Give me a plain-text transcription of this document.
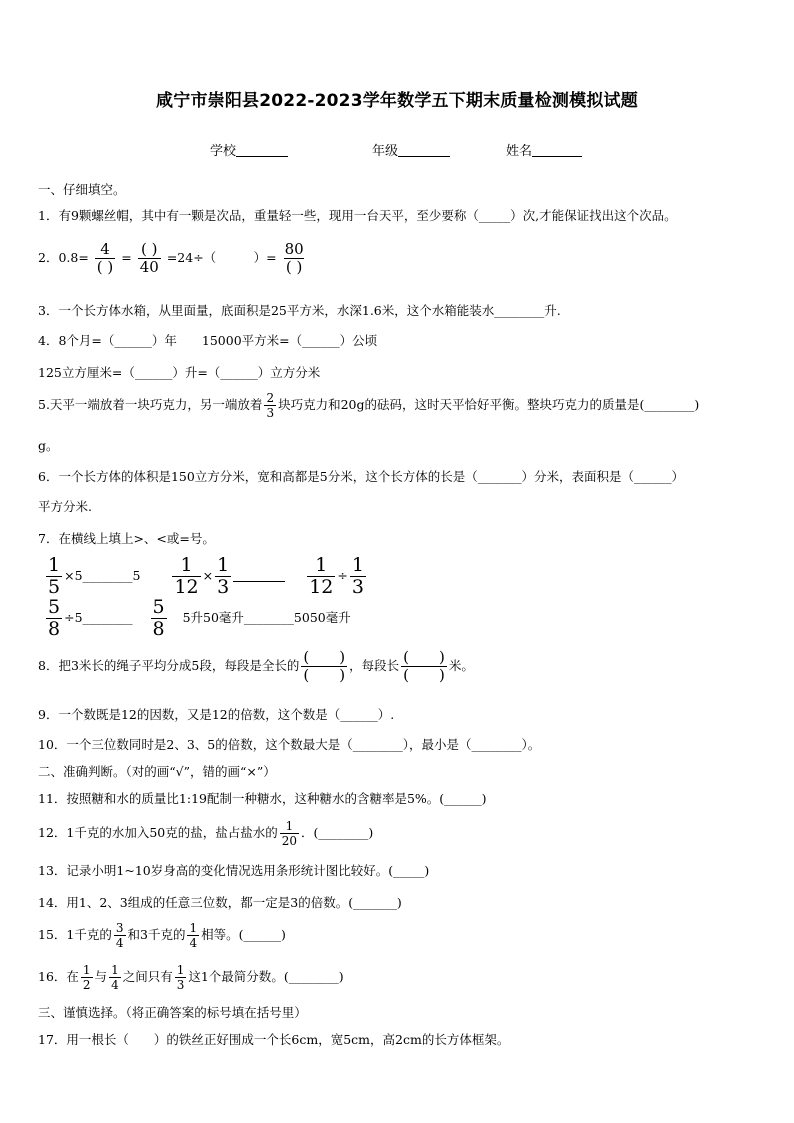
咸宁市崇阳县2022-2023学年数学五下期末质量检测模拟试题
学校	年级	姓名
一、仔细填空。
1．有9颗螺丝帽，其中有一颗是次品，重量轻一些，现用一台天平，至少要称（_____）次,才能保证找出这个次品。
2．$0.8= \frac{4}{( )} = \frac{( )}{40} =24\div$（　　　）= $\frac{80}{( )}$
3．一个长方体水箱，从里面量，底面积是25平方米，水深1.6米，这个水箱能装水________升.
4．8个月=（______）年　　15000平方米=（______）公顷
125立方厘米=（______）升=（______）立方分米
5.天平一端放着一块巧克力，另一端放着 $\frac{2}{3}$ 块巧克力和20g的砝码，这时天平恰好平衡。整块巧克力的质量是(________)
g。
6．一个长方体的体积是150立方分米，宽和高都是5分米，这个长方体的长是（_______）分米，表面积是（______）
平方分米.
7．在横线上填上>、<或=号。
$\frac{1}{5}$ ×5________5 $\frac{1}{12} \times \frac{1}{3}$
	$\frac{1}{12} \div \frac{1}{3}$
$\frac{5}{8}$ ÷5________ $\frac{5}{8} 5$升50毫升________5050毫升
8．把3米长的绳子平均分成5段，每段是全长的 $\frac{( )}{( )}$ ，每段长 $\frac{( )}{( )}$ 米。
9．一个数既是12的因数，又是12的倍数，这个数是（______）.
10．一个三位数同时是2、3、5的倍数，这个数最大是（________），最小是（________）。
二、准确判断。（对的画“√”，错的画“×”）
11．按照糖和水的质量比1:19配制一种糖水，这种糖水的含糖率是5%。(______)
12．1千克的水加入50克的盐，盐占盐水的 $\frac{1}{20}$ ．(________)
13．记录小明1~10岁身高的变化情况选用条形统计图比较好。(_____)
14．用1、2、3组成的任意三位数，都一定是3的倍数。(_______)
15．1千克的 $\frac{3}{4}$ 和3千克的 $\frac{1}{4}$ 相等。(______)
16．在 $\frac{1}{2}$ 与 $\frac{1}{4}$ 之间只有 $\frac{1}{3}$ 这1个最简分数。(________)
三、谨慎选择。（将正确答案的标号填在括号里）
17．用一根长（　　）的铁丝正好围成一个长6cm，宽5cm，高2cm的长方体框架。
